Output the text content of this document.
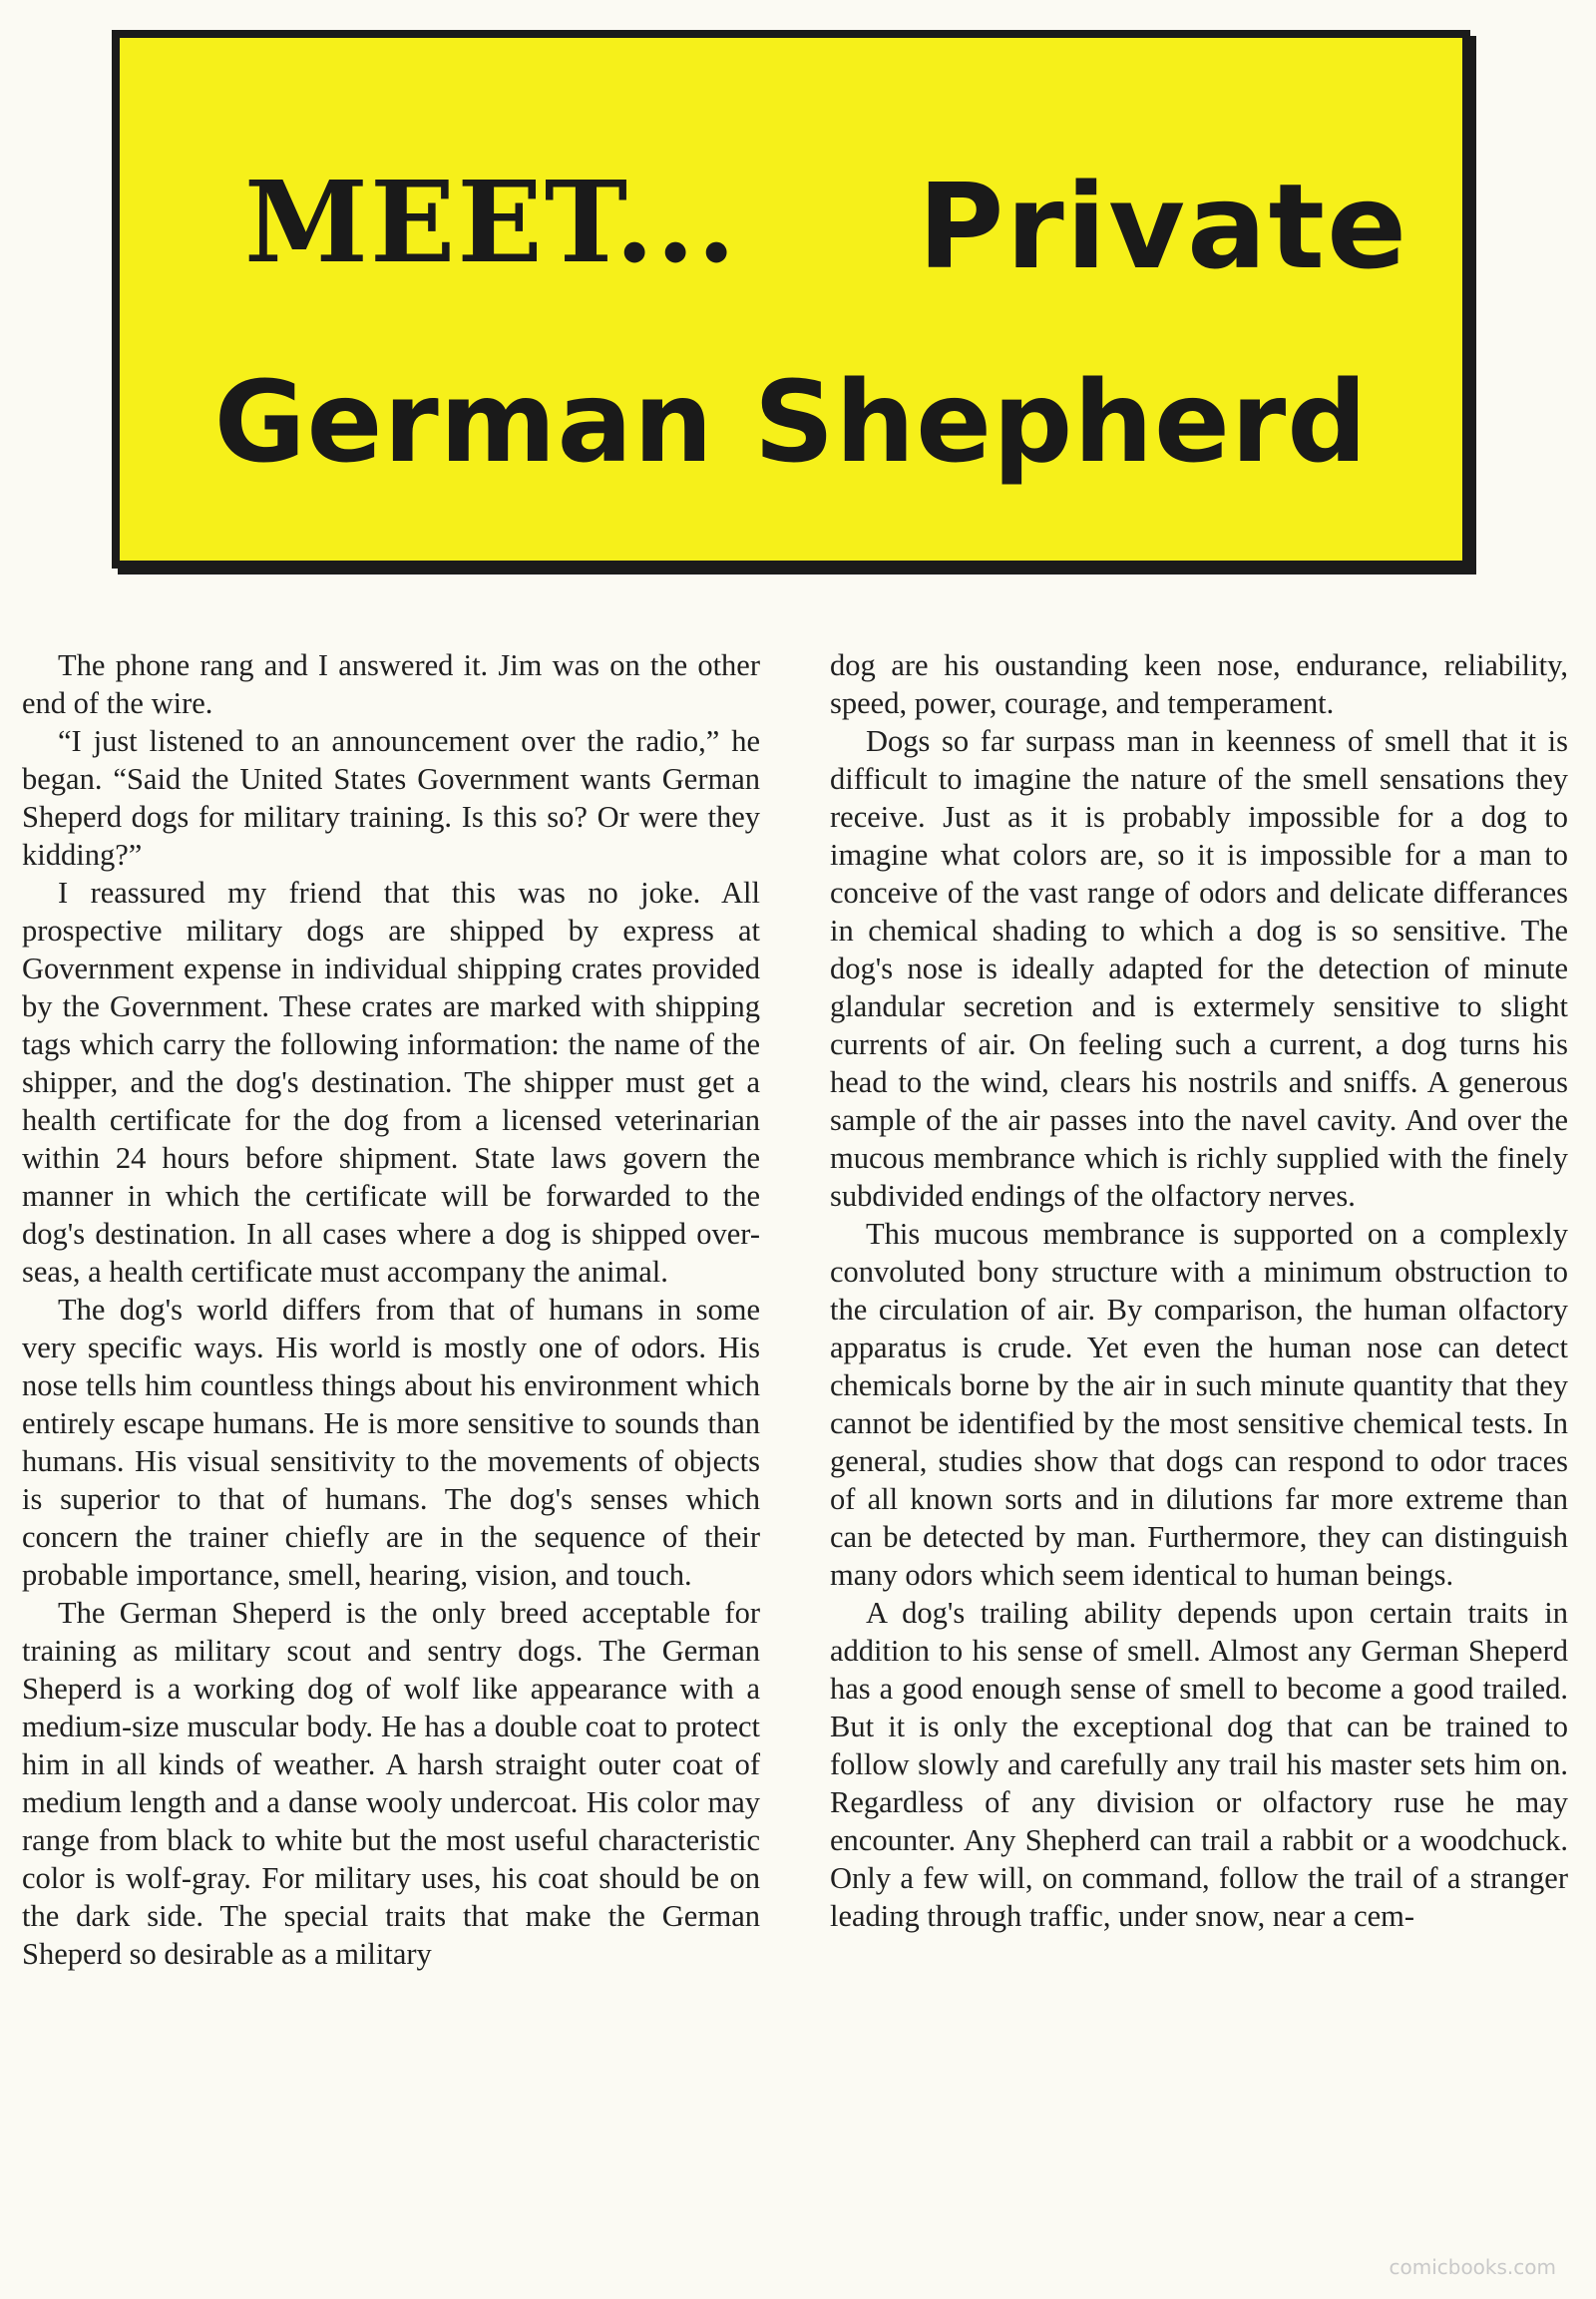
MEET... Private
German Shepherd

The phone rang and I answered it. Jim was on the other end of the wire.

“I just listened to an announcement over the radio,” he began. “Said the United States Government wants German Sheperd dogs for military training. Is this so? Or were they kidding?”

I reassured my friend that this was no joke. All prospective military dogs are shipped by express at Government expense in individual shipping crates provided by the Government. These crates are marked with shipping tags which carry the following information: the name of the shipper, and the dog's destination. The shipper must get a health certificate for the dog from a licensed veterinarian within 24 hours before shipment. State laws govern the manner in which the certificate will be forwarded to the dog's destination. In all cases where a dog is shipped over-seas, a health certificate must accompany the animal.

The dog's world differs from that of humans in some very specific ways. His world is mostly one of odors. His nose tells him countless things about his environment which entirely escape humans. He is more sensitive to sounds than humans. His visual sensitivity to the movements of objects is superior to that of humans. The dog's senses which concern the trainer chiefly are in the sequence of their probable importance, smell, hearing, vision, and touch.

The German Sheperd is the only breed acceptable for training as military scout and sentry dogs. The German Sheperd is a working dog of wolf like appearance with a medium-size muscular body. He has a double coat to protect him in all kinds of weather. A harsh straight outer coat of medium length and a danse wooly undercoat. His color may range from black to white but the most useful characteristic color is wolf-gray. For military uses, his coat should be on the dark side. The special traits that make the German Sheperd so desirable as a military

dog are his oustanding keen nose, endurance, reliability, speed, power, courage, and temperament.

Dogs so far surpass man in keenness of smell that it is difficult to imagine the nature of the smell sensations they receive. Just as it is probably impossible for a dog to imagine what colors are, so it is impossible for a man to conceive of the vast range of odors and delicate differances in chemical shading to which a dog is so sensitive. The dog's nose is ideally adapted for the detection of minute glandular secretion and is extermely sensitive to slight currents of air. On feeling such a current, a dog turns his head to the wind, clears his nostrils and sniffs. A generous sample of the air passes into the navel cavity. And over the mucous membrance which is richly supplied with the finely subdivided endings of the olfactory nerves.

This mucous membrance is supported on a complexly convoluted bony structure with a minimum obstruction to the circulation of air. By comparison, the human olfactory apparatus is crude. Yet even the human nose can detect chemicals borne by the air in such minute quantity that they cannot be identified by the most sensitive chemical tests. In general, studies show that dogs can respond to odor traces of all known sorts and in dilutions far more extreme than can be detected by man. Furthermore, they can distinguish many odors which seem identical to human beings.

A dog's trailing ability depends upon certain traits in addition to his sense of smell. Almost any German Sheperd has a good enough sense of smell to become a good trailed. But it is only the exceptional dog that can be trained to follow slowly and carefully any trail his master sets him on. Regardless of any division or olfactory ruse he may encounter. Any Shepherd can trail a rabbit or a woodchuck. Only a few will, on command, follow the trail of a stranger leading through traffic, under snow, near a cem-

comicbooks.com
